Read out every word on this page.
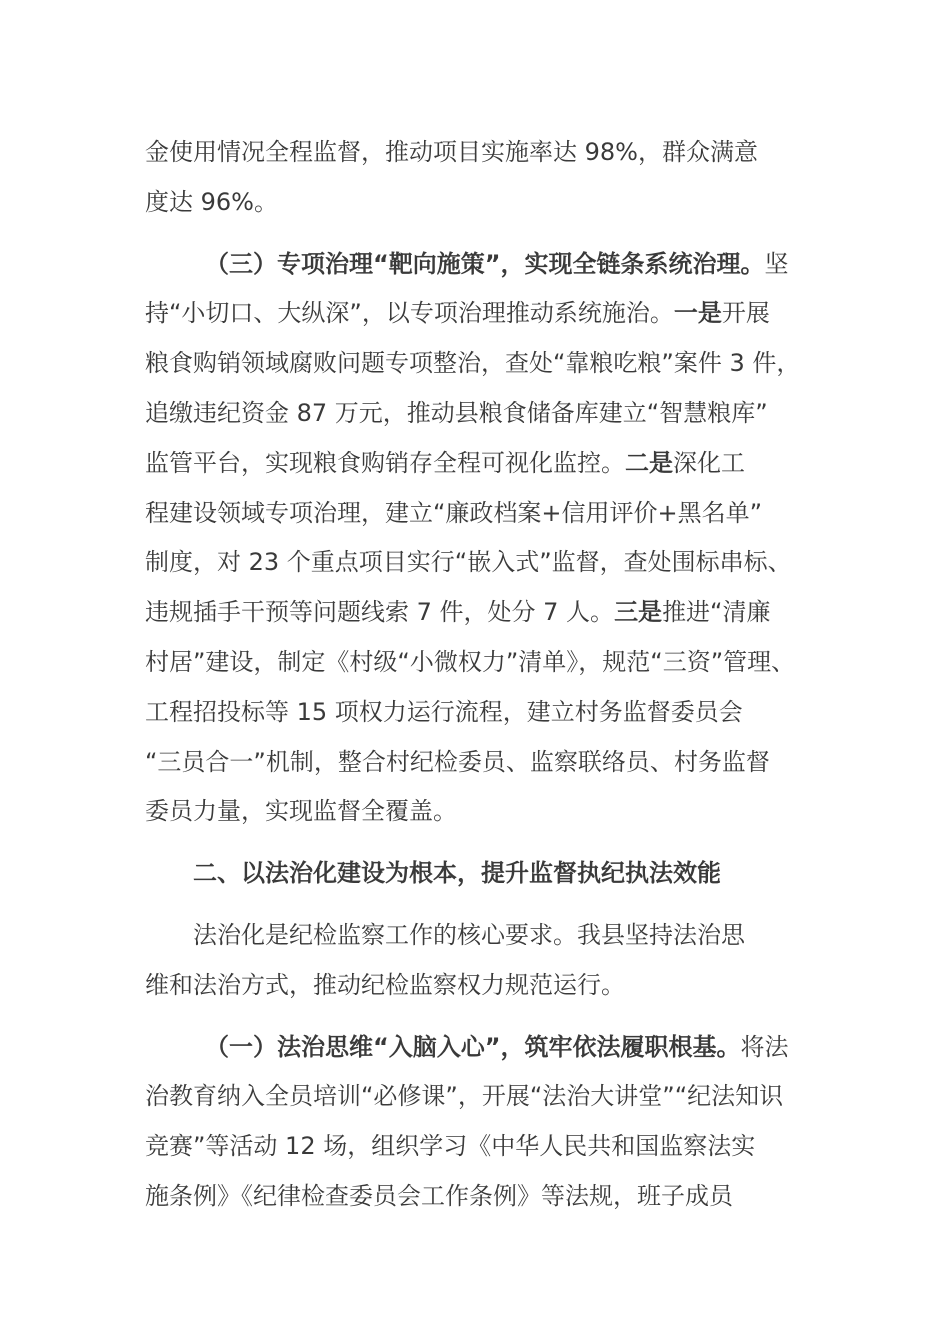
金使用情况全程监督，推动项目实施率达 98%，群众满意
度达 96%。

（三）专项治理“靶向施策”，实现全链条系统治理。坚
持“小切口、大纵深”，以专项治理推动系统施治。一是开展
粮食购销领域腐败问题专项整治，查处“靠粮吃粮”案件 3 件，
追缴违纪资金 87 万元，推动县粮食储备库建立“智慧粮库”
监管平台，实现粮食购销存全程可视化监控。二是深化工
程建设领域专项治理，建立“廉政档案+信用评价+黑名单”
制度，对 23 个重点项目实行“嵌入式”监督，查处围标串标、
违规插手干预等问题线索 7 件，处分 7 人。三是推进“清廉
村居”建设，制定《村级“小微权力”清单》，规范“三资”管理、
工程招投标等 15 项权力运行流程，建立村务监督委员会
“三员合一”机制，整合村纪检委员、监察联络员、村务监督
委员力量，实现监督全覆盖。

二、以法治化建设为根本，提升监督执纪执法效能

法治化是纪检监察工作的核心要求。我县坚持法治思
维和法治方式，推动纪检监察权力规范运行。

（一）法治思维“入脑入心”，筑牢依法履职根基。将法
治教育纳入全员培训“必修课”，开展“法治大讲堂”“纪法知识
竞赛”等活动 12 场，组织学习《中华人民共和国监察法实
施条例》《纪律检查委员会工作条例》等法规，班子成员
